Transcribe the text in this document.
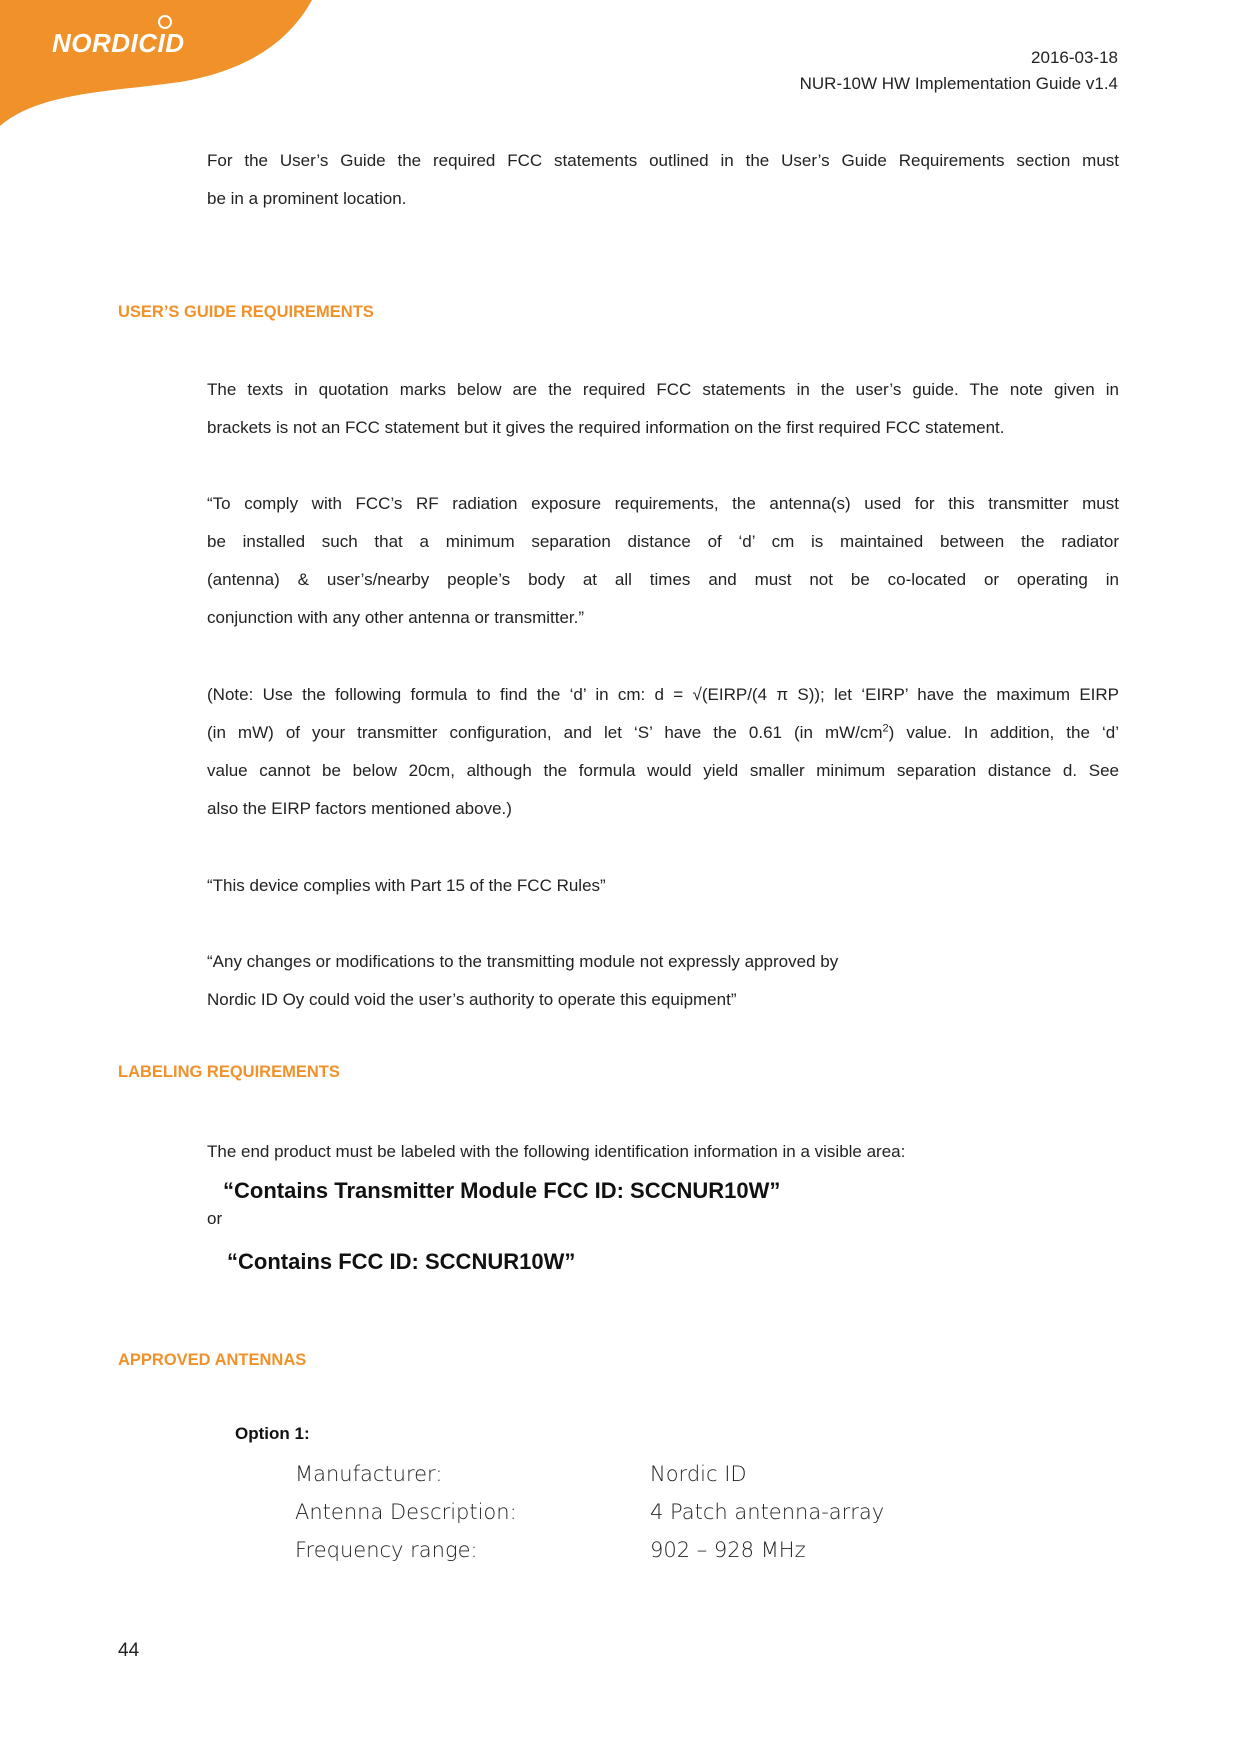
NORDICID	2016-03-18
NUR-10W HW Implementation Guide v1.4
For the User’s Guide the required FCC statements outlined in the User’s Guide Requirements section must
be in a prominent location.
USER’S GUIDE REQUIREMENTS
The texts in quotation marks below are the required FCC statements in the user’s guide. The note given in
brackets is not an FCC statement but it gives the required information on the first required FCC statement.
“To comply with FCC’s RF radiation exposure requirements, the antenna(s) used for this transmitter must
be installed such that a minimum separation distance of ‘d’ cm is maintained between the radiator
(antenna) & user’s/nearby people’s body at all times and must not be co-located or operating in
conjunction with any other antenna or transmitter.”
(Note: Use the following formula to find the ‘d’ in cm: d = √(EIRP/(4 π S)); let ‘EIRP’ have the maximum EIRP
(in mW) of your transmitter configuration, and let ‘S’ have the 0.61 (in $mW/cm^2$) value. In addition, the ‘d’
value cannot be below 20cm, although the formula would yield smaller minimum separation distance d. See
also the EIRP factors mentioned above.)
“This device complies with Part 15 of the FCC Rules”
“Any changes or modifications to the transmitting module not expressly approved by
Nordic ID Oy could void the user’s authority to operate this equipment”
LABELING REQUIREMENTS
The end product must be labeled with the following identification information in a visible area:
“Contains Transmitter Module FCC ID: SCCNUR10W”
or
“Contains FCC ID: SCCNUR10W”
APPROVED ANTENNAS
Option 1:
Manufacturer:	Nordic ID
Antenna Description:	4 Patch antenna-array
Frequency range:	902 – 928 MHz
44
